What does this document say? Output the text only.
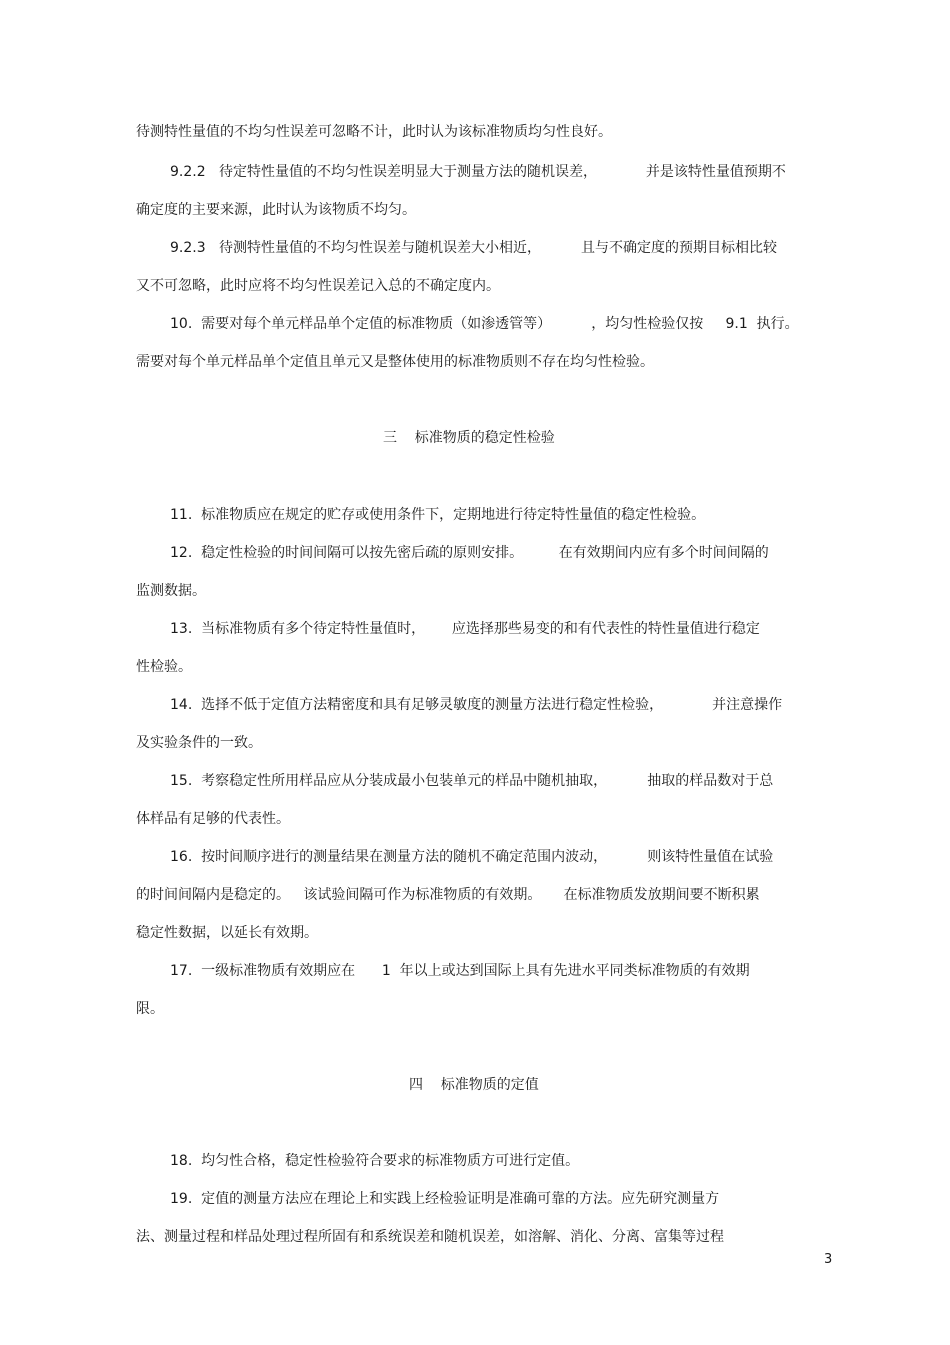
待测特性量值的不均匀性误差可忽略不计，此时认为该标准物质均匀性良好。

9.2.2   待定特性量值的不均匀性误差明显大于测量方法的随机误差，           并是该特性量值预期不

确定度的主要来源，此时认为该物质不均匀。

9.2.3   待测特性量值的不均匀性误差与随机误差大小相近，         且与不确定度的预期目标相比较

又不可忽略，此时应将不均匀性误差记入总的不确定度内。

10.  需要对每个单元样品单个定值的标准物质（如渗透管等）         ，均匀性检验仅按     9.1  执行。

需要对每个单元样品单个定值且单元又是整体使用的标准物质则不存在均匀性检验。

三    标准物质的稳定性检验

11.  标准物质应在规定的贮存或使用条件下，定期地进行待定特性量值的稳定性检验。

12.  稳定性检验的时间间隔可以按先密后疏的原则安排。        在有效期间内应有多个时间间隔的

监测数据。

13.  当标准物质有多个待定特性量值时，      应选择那些易变的和有代表性的特性量值进行稳定

性检验。

14.  选择不低于定值方法精密度和具有足够灵敏度的测量方法进行稳定性检验，           并注意操作

及实验条件的一致。

15.  考察稳定性所用样品应从分装成最小包装单元的样品中随机抽取，         抽取的样品数对于总

体样品有足够的代表性。

16.  按时间顺序进行的测量结果在测量方法的随机不确定范围内波动，         则该特性量值在试验

的时间间隔内是稳定的。   该试验间隔可作为标准物质的有效期。     在标准物质发放期间要不断积累

稳定性数据，以延长有效期。

17.  一级标准物质有效期应在      1  年以上或达到国际上具有先进水平同类标准物质的有效期

限。

四    标准物质的定值

18.  均匀性合格，稳定性检验符合要求的标准物质方可进行定值。

19.  定值的测量方法应在理论上和实践上经检验证明是准确可靠的方法。应先研究测量方

法、测量过程和样品处理过程所固有和系统误差和随机误差，如溶解、消化、分离、富集等过程

3
